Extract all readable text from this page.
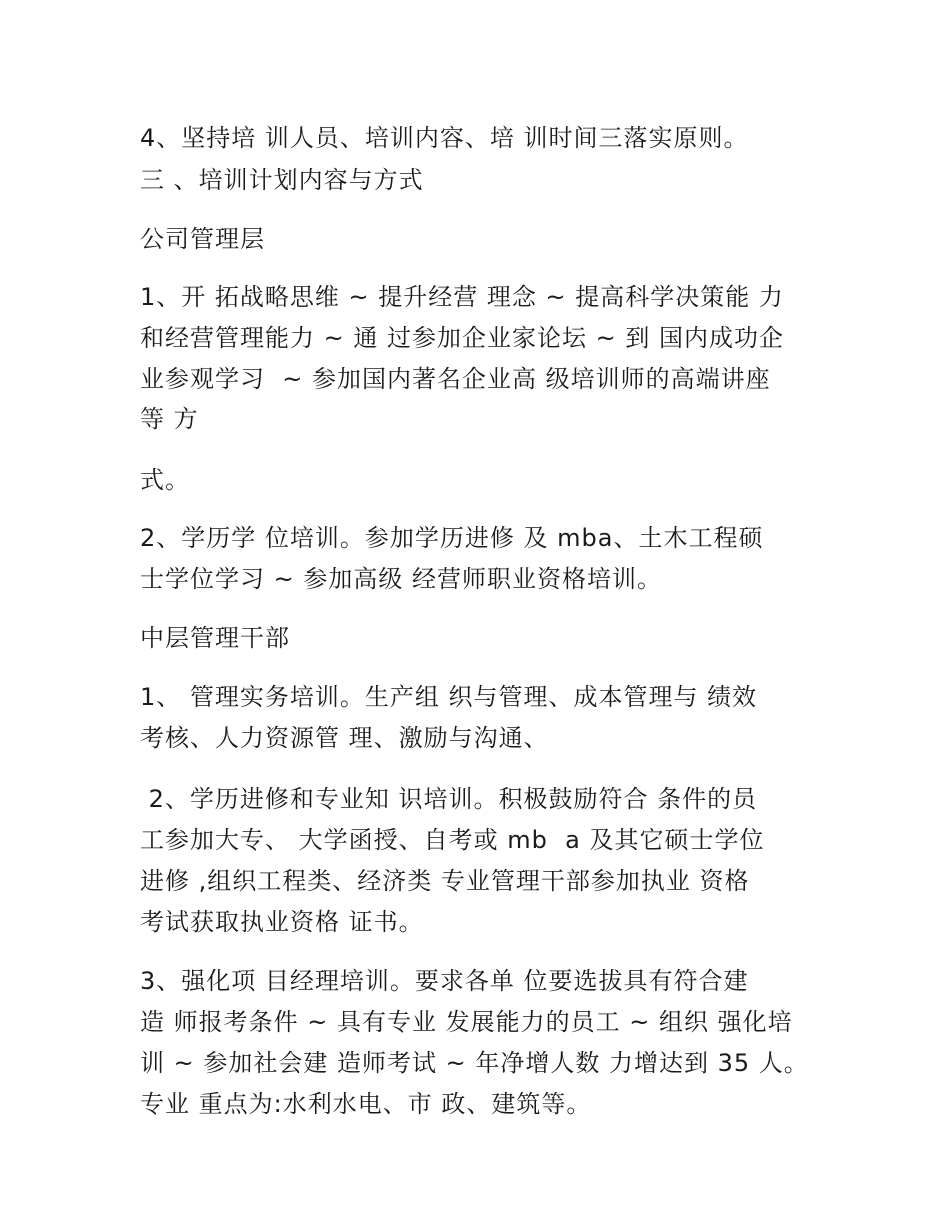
4、坚持培 训人员、培训内容、培 训时间三落实原则。
三 、培训计划内容与方式
公司管理层
1、开 拓战略思维 ~ 提升经营 理念 ~ 提高科学决策能 力
和经营管理能力 ~ 通 过参加企业家论坛 ~ 到 国内成功企
业参观学习  ~ 参加国内著名企业高 级培训师的高端讲座
等 方
式。
2、学历学 位培训。参加学历进修 及 mba、土木工程硕
士学位学习 ~ 参加高级 经营师职业资格培训。
中层管理干部
1、 管理实务培训。生产组 织与管理、成本管理与 绩效
考核、人力资源管 理、激励与沟通、
2、学历进修和专业知 识培训。积极鼓励符合 条件的员
工参加大专、 大学函授、自考或 mb  a 及其它硕士学位
进修 ,组织工程类、经济类 专业管理干部参加执业 资格
考试获取执业资格 证书。
3、强化项 目经理培训。要求各单 位要选拔具有符合建
造 师报考条件 ~ 具有专业 发展能力的员工 ~ 组织 强化培
训 ~ 参加社会建 造师考试 ~ 年净增人数 力增达到 35 人。
专业 重点为:水利水电、市 政、建筑等。
